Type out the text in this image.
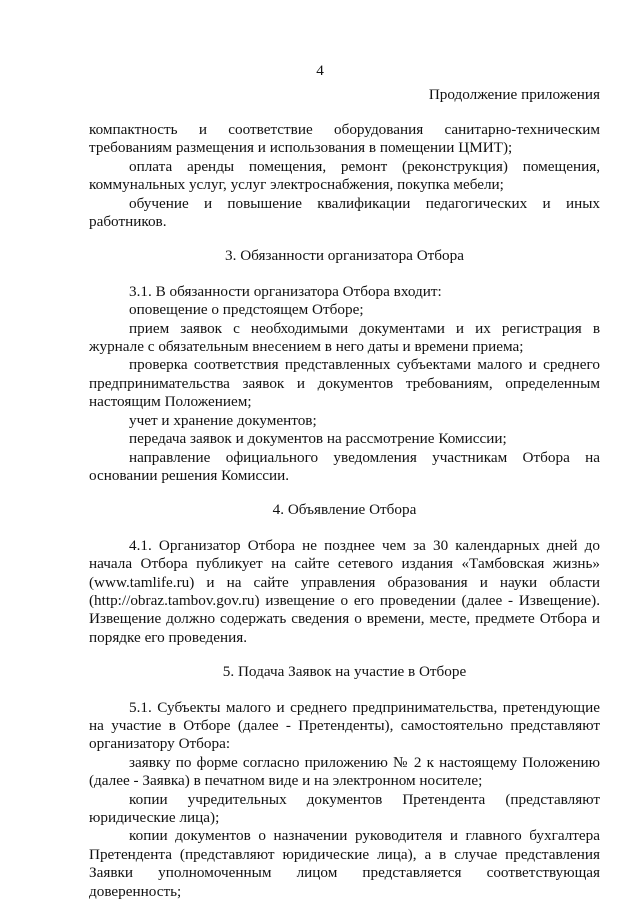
4
Продолжение приложения

компактность и соответствие оборудования санитарно-техническим требованиям размещения и использования в помещении ЦМИТ);

оплата аренды помещения, ремонт (реконструкция) помещения, коммунальных услуг, услуг электроснабжения, покупка мебели;

обучение и повышение квалификации педагогических и иных работников.

3. Обязанности организатора Отбора

3.1. В обязанности организатора Отбора входит:

оповещение о предстоящем Отборе;

прием заявок с необходимыми документами и их регистрация в журнале с обязательным внесением в него даты и времени приема;

проверка соответствия представленных субъектами малого и среднего предпринимательства заявок и документов требованиям, определенным настоящим Положением;

учет и хранение документов;

передача заявок и документов на рассмотрение Комиссии;

направление официального уведомления участникам Отбора на основании решения Комиссии.

4. Объявление Отбора

4.1. Организатор Отбора не позднее чем за 30 календарных дней до начала Отбора публикует на сайте сетевого издания «Тамбовская жизнь» (www.tamlife.ru) и на сайте управления образования и науки области (http://obraz.tambov.gov.ru) извещение о его проведении (далее - Извещение). Извещение должно содержать сведения о времени, месте, предмете Отбора и порядке его проведения.

5. Подача Заявок на участие в Отборе

5.1. Субъекты малого и среднего предпринимательства, претендующие на участие в Отборе (далее - Претенденты), самостоятельно представляют организатору Отбора:

заявку по форме согласно приложению № 2 к настоящему Положению (далее - Заявка) в печатном виде и на электронном носителе;

копии учредительных документов Претендента (представляют юридические лица);

копии документов о назначении руководителя и главного бухгалтера Претендента (представляют юридические лица), а в случае представления Заявки уполномоченным лицом представляется соответствующая доверенность;
